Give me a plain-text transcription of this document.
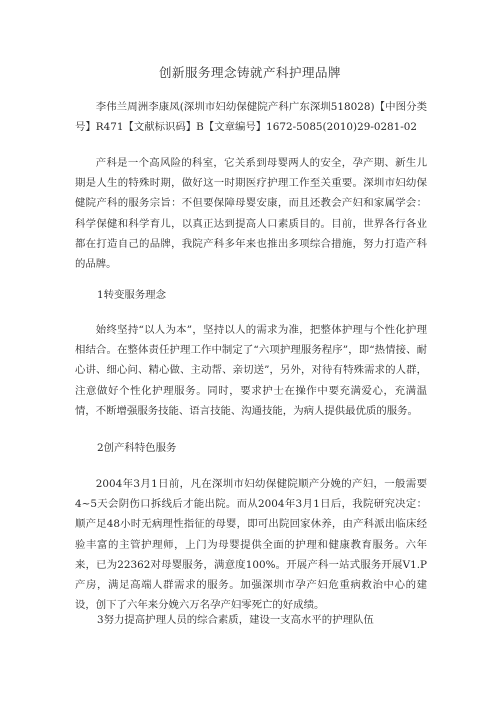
创新服务理念铸就产科护理品牌

李伟兰周洲李康凤(深圳市妇幼保健院产科广东深圳518028)【中图分类号】R471【文献标识码】B【文章编号】1672-5085(2010)29-0281-02

产科是一个高风险的科室，它关系到母婴两人的安全，孕产期、新生儿期是人生的特殊时期，做好这一时期医疗护理工作至关重要。深圳市妇幼保健院产科的服务宗旨：不但要保障母婴安康，而且还教会产妇和家属学会：科学保健和科学育儿，以真正达到提高人口素质目的。目前，世界各行各业都在打造自己的品牌，我院产科多年来也推出多项综合措施，努力打造产科的品牌。

1转变服务理念

始终坚持“以人为本”，坚持以人的需求为准，把整体护理与个性化护理相结合。在整体责任护理工作中制定了“六项护理服务程序”，即“热情接、耐心讲、细心问、精心做、主动帮、亲切送”，另外，对待有特殊需求的人群，注意做好个性化护理服务。同时，要求护士在操作中要充满爱心，充满温情，不断增强服务技能、语言技能、沟通技能，为病人提供最优质的服务。

2创产科特色服务

2004年3月1日前，凡在深圳市妇幼保健院顺产分娩的产妇，一般需要4~5天会阴伤口拆线后才能出院。而从2004年3月1日后，我院研究决定：顺产足48小时无病理性指征的母婴，即可出院回家休养，由产科派出临床经验丰富的主管护理师，上门为母婴提供全面的护理和健康教育服务。六年来，已为22362对母婴服务，满意度100%。开展产科一站式服务开展V1.P产房，满足高端人群需求的服务。加强深圳市孕产妇危重病救治中心的建设，创下了六年来分娩六万名孕产妇零死亡的好成绩。

3努力提高护理人员的综合素质，建设一支高水平的护理队伍
